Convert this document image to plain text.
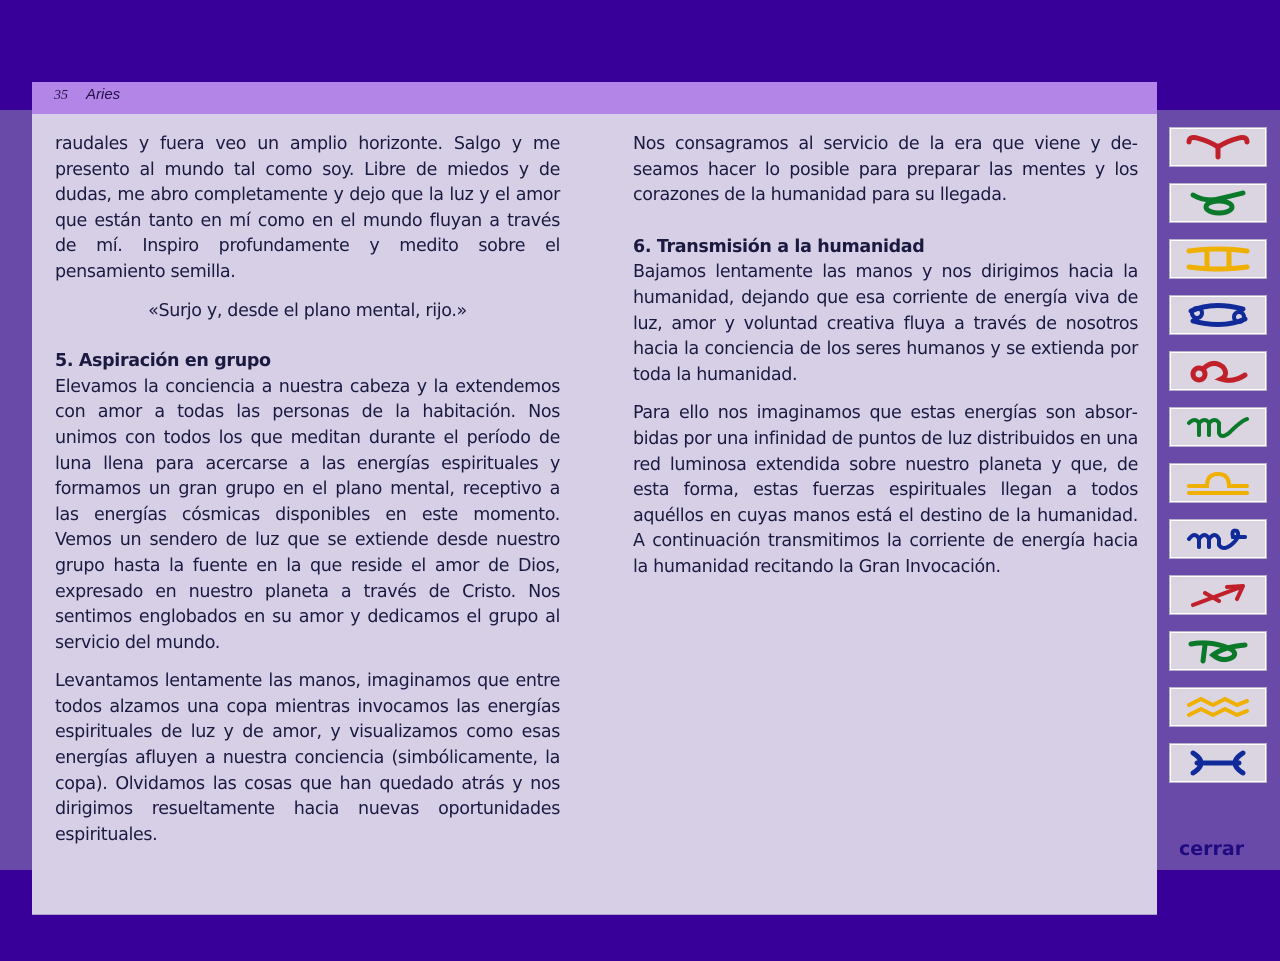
35 Aries

raudales y fuera veo un amplio horizonte. Salgo y me presento al mundo tal como soy. Libre de miedos y de dudas, me abro completamente y dejo que la luz y el amor que están tanto en mí como en el mundo fluyan a través de mí. Inspiro profundamente y medito sobre el pensamiento semilla.

«Surjo y, desde el plano mental, rijo.»

5. Aspiración en grupo

Elevamos la conciencia a nuestra cabeza y la extendemos con amor a todas las personas de la habitación. Nos unimos con todos los que meditan durante el período de luna llena para acercarse a las energías espirituales y formamos un gran grupo en el plano mental, receptivo a las energías cósmicas disponibles en este momento. Vemos un sendero de luz que se extiende desde nuestro grupo hasta la fuente en la que reside el amor de Dios, expresado en nuestro planeta a través de Cristo. Nos sentimos englobados en su amor y dedicamos el grupo al servicio del mundo.

Levantamos lentamente las manos, imaginamos que entre todos alzamos una copa mientras invocamos las energías espirituales de luz y de amor, y visualizamos como esas energías afluyen a nuestra conciencia (simbólicamente, la copa). Olvidamos las cosas que han quedado atrás y nos dirigimos resueltamente hacia nuevas oportunidades espirituales.

Nos consagramos al servicio de la era que viene y deseamos hacer lo posible para preparar las mentes y los corazones de la humanidad para su llegada.

6. Transmisión a la humanidad

Bajamos lentamente las manos y nos dirigimos hacia la humanidad, dejando que esa corriente de energía viva de luz, amor y voluntad creativa fluya a través de nosotros hacia la conciencia de los seres humanos y se extienda por toda la humanidad.

Para ello nos imaginamos que estas energías son absorbidas por una infinidad de puntos de luz distribuidos en una red luminosa extendida sobre nuestro planeta y que, de esta forma, estas fuerzas espirituales llegan a todos aquéllos en cuyas manos está el destino de la humanidad. A continuación transmitimos la corriente de energía hacia la humanidad recitando la Gran Invocación.

cerrar
